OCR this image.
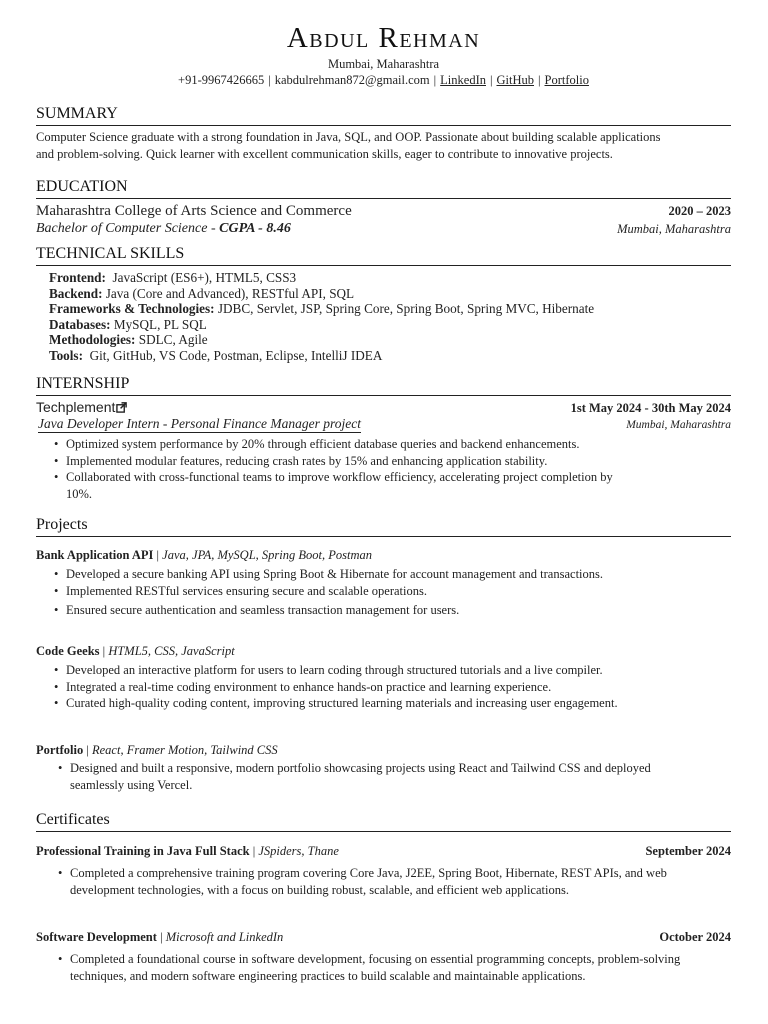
Abdul Rehman
Mumbai, Maharashtra
+91-9967426665 | kabdulrehman872@gmail.com | LinkedIn | GitHub | Portfolio
SUMMARY
Computer Science graduate with a strong foundation in Java, SQL, and OOP. Passionate about building scalable applications
and problem-solving. Quick learner with excellent communication skills, eager to contribute to innovative projects.
EDUCATION
Maharashtra College of Arts Science and Commerce	2020 – 2023
Bachelor of Computer Science - CGPA - 8.46	Mumbai, Maharashtra
TECHNICAL SKILLS
Frontend: JavaScript (ES6+), HTML5, CSS3
Backend: Java (Core and Advanced), RESTful API, SQL
Frameworks & Technologies: JDBC, Servlet, JSP, Spring Core, Spring Boot, Spring MVC, Hibernate
Databases: MySQL, PL SQL
Methodologies: SDLC, Agile
Tools: Git, GitHub, VS Code, Postman, Eclipse, IntelliJ IDEA
INTERNSHIP
Techplement	1st May 2024 - 30th May 2024
Java Developer Intern - Personal Finance Manager project	Mumbai, Maharashtra
• Optimized system performance by 20% through efficient database queries and backend enhancements.
• Implemented modular features, reducing crash rates by 15% and enhancing application stability.
• Collaborated with cross-functional teams to improve workflow efficiency, accelerating project completion by
10%.
Projects
Bank Application API | Java, JPA, MySQL, Spring Boot, Postman
• Developed a secure banking API using Spring Boot & Hibernate for account management and transactions.
• Implemented RESTful services ensuring secure and scalable operations.
• Ensured secure authentication and seamless transaction management for users.
Code Geeks | HTML5, CSS, JavaScript
• Developed an interactive platform for users to learn coding through structured tutorials and a live compiler.
• Integrated a real-time coding environment to enhance hands-on practice and learning experience.
• Curated high-quality coding content, improving structured learning materials and increasing user engagement.
Portfolio | React, Framer Motion, Tailwind CSS
• Designed and built a responsive, modern portfolio showcasing projects using React and Tailwind CSS and deployed
seamlessly using Vercel.
Certificates
Professional Training in Java Full Stack | JSpiders, Thane	September 2024
• Completed a comprehensive training program covering Core Java, J2EE, Spring Boot, Hibernate, REST APIs, and web
development technologies, with a focus on building robust, scalable, and efficient web applications.
Software Development | Microsoft and LinkedIn	October 2024
• Completed a foundational course in software development, focusing on essential programming concepts, problem-solving
techniques, and modern software engineering practices to build scalable and maintainable applications.
